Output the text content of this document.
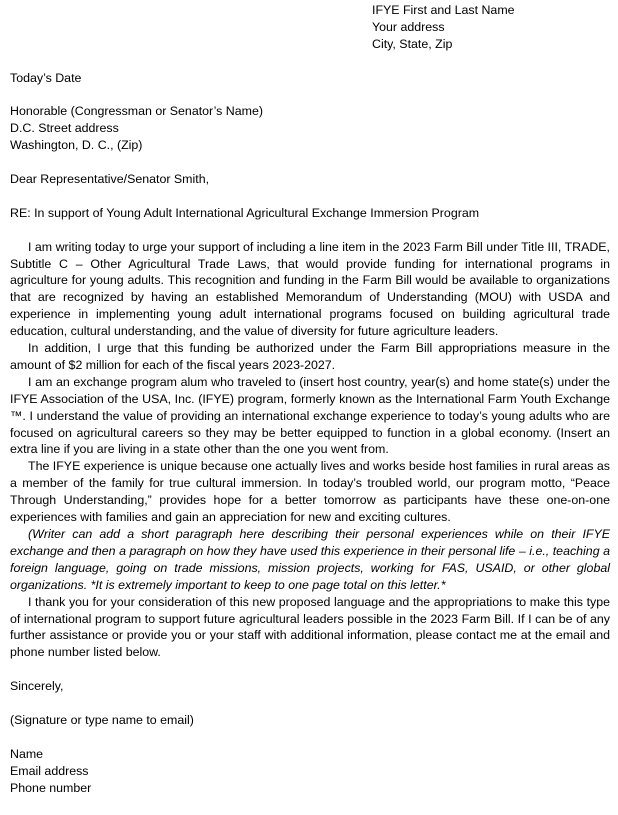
IFYE First and Last Name
Your address
City, State, Zip
Today’s Date
Honorable (Congressman or Senator’s Name)
D.C. Street address
Washington, D. C., (Zip)
Dear Representative/Senator Smith,
RE: In support of Young Adult International Agricultural Exchange Immersion Program

I am writing today to urge your support of including a line item in the 2023 Farm Bill under Title III, TRADE, Subtitle C – Other Agricultural Trade Laws, that would provide funding for international programs in agriculture for young adults. This recognition and funding in the Farm Bill would be available to organizations that are recognized by having an established Memorandum of Understanding (MOU) with USDA and experience in implementing young adult international programs focused on building agricultural trade education, cultural understanding, and the value of diversity for future agriculture leaders.

In addition, I urge that this funding be authorized under the Farm Bill appropriations measure in the amount of $2 million for each of the fiscal years 2023-2027.

I am an exchange program alum who traveled to (insert host country, year(s) and home state(s) under the IFYE Association of the USA, Inc. (IFYE) program, formerly known as the International Farm Youth Exchange ™. I understand the value of providing an international exchange experience to today’s young adults who are focused on agricultural careers so they may be better equipped to function in a global economy. (Insert an extra line if you are living in a state other than the one you went from.

The IFYE experience is unique because one actually lives and works beside host families in rural areas as a member of the family for true cultural immersion. In today’s troubled world, our program motto, “Peace Through Understanding,” provides hope for a better tomorrow as participants have these one-on-one experiences with families and gain an appreciation for new and exciting cultures.

(Writer can add a short paragraph here describing their personal experiences while on their IFYE exchange and then a paragraph on how they have used this experience in their personal life – i.e., teaching a foreign language, going on trade missions, mission projects, working for FAS, USAID, or other global organizations. *It is extremely important to keep to one page total on this letter.*

I thank you for your consideration of this new proposed language and the appropriations to make this type of international program to support future agricultural leaders possible in the 2023 Farm Bill. If I can be of any further assistance or provide you or your staff with additional information, please contact me at the email and phone number listed below.

Sincerely,
(Signature or type name to email)
Name
Email address
Phone number
